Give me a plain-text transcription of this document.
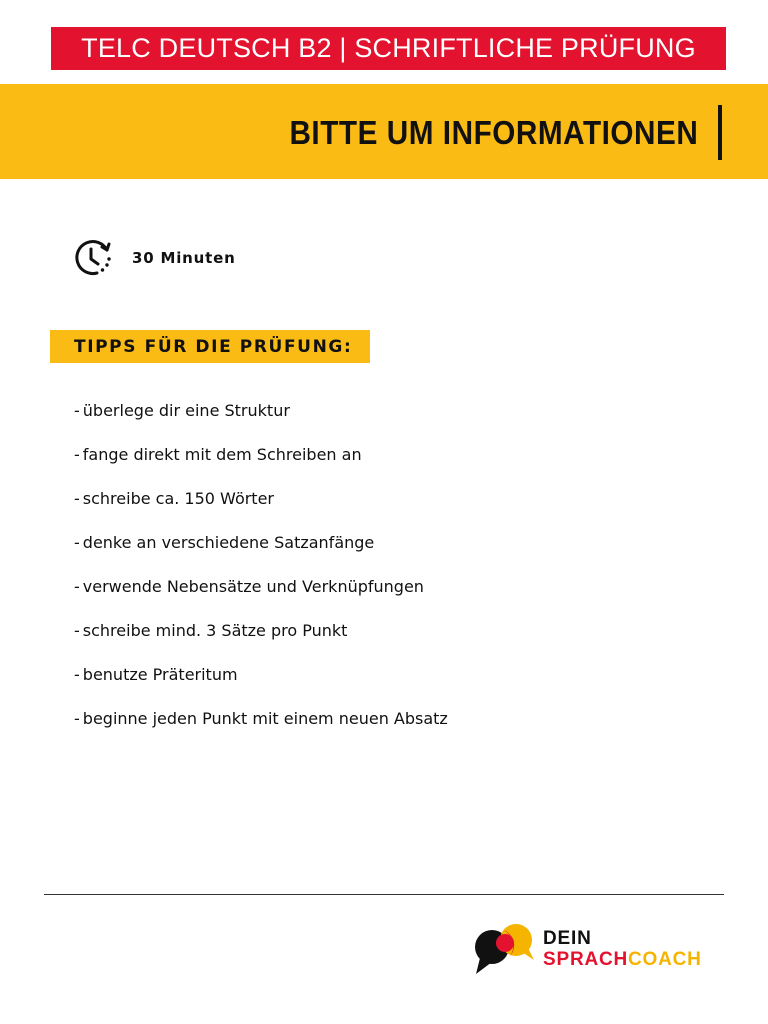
TELC DEUTSCH B2 | SCHRIFTLICHE PRÜFUNG
BITTE UM INFORMATIONEN
30 Minuten
TIPPS FÜR DIE PRÜFUNG:
- überlege dir eine Struktur
- fange direkt mit dem Schreiben an
- schreibe ca. 150 Wörter
- denke an verschiedene Satzanfänge
- verwende Nebensätze und Verknüpfungen
- schreibe mind. 3 Sätze pro Punkt
- benutze Präteritum
- beginne jeden Punkt mit einem neuen Absatz
DEIN
SPRACHCOACH
